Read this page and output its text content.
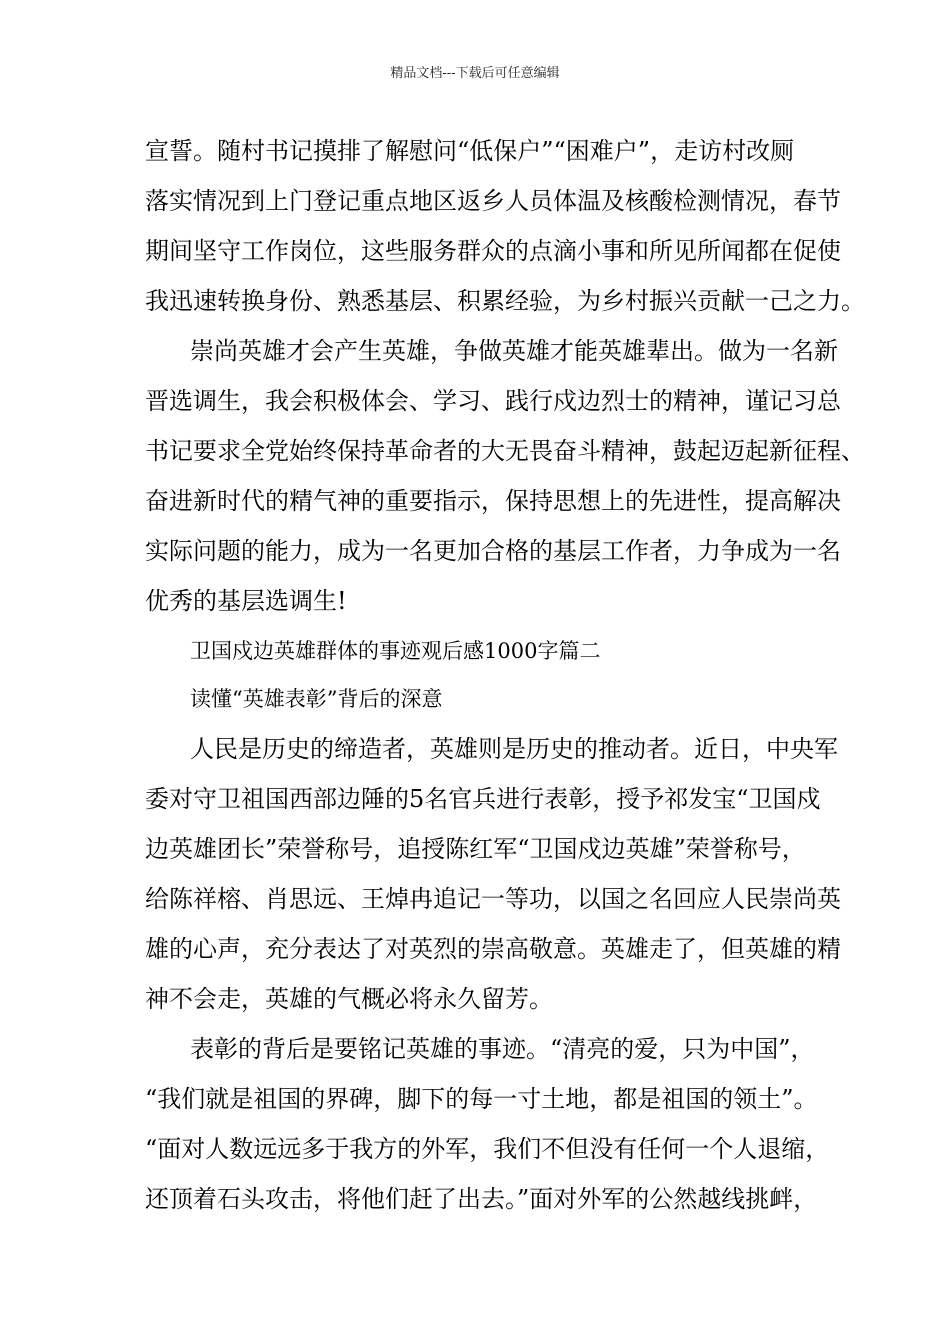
精品文档---下载后可任意编辑
宣誓。随村书记摸排了解慰问“低保户”“困难户”，走访村改厕
落实情况到上门登记重点地区返乡人员体温及核酸检测情况，春节
期间坚守工作岗位，这些服务群众的点滴小事和所见所闻都在促使
我迅速转换身份、熟悉基层、积累经验，为乡村振兴贡献一己之力。
崇尚英雄才会产生英雄，争做英雄才能英雄辈出。做为一名新
晋选调生，我会积极体会、学习、践行戍边烈士的精神，谨记习总
书记要求全党始终保持革命者的大无畏奋斗精神，鼓起迈起新征程、
奋进新时代的精气神的重要指示，保持思想上的先进性，提高解决
实际问题的能力，成为一名更加合格的基层工作者，力争成为一名
优秀的基层选调生!
卫国戍边英雄群体的事迹观后感1000字篇二
读懂“英雄表彰”背后的深意
人民是历史的缔造者，英雄则是历史的推动者。近日，中央军
委对守卫祖国西部边陲的5名官兵进行表彰，授予祁发宝“卫国戍
边英雄团长”荣誉称号，追授陈红军“卫国戍边英雄”荣誉称号，
给陈祥榕、肖思远、王焯冉追记一等功，以国之名回应人民崇尚英
雄的心声，充分表达了对英烈的崇高敬意。英雄走了，但英雄的精
神不会走，英雄的气概必将永久留芳。
表彰的背后是要铭记英雄的事迹。“清亮的爱，只为中国”，
“我们就是祖国的界碑，脚下的每一寸土地，都是祖国的领土”。
“面对人数远远多于我方的外军，我们不但没有任何一个人退缩，
还顶着石头攻击，将他们赶了出去。”面对外军的公然越线挑衅，
